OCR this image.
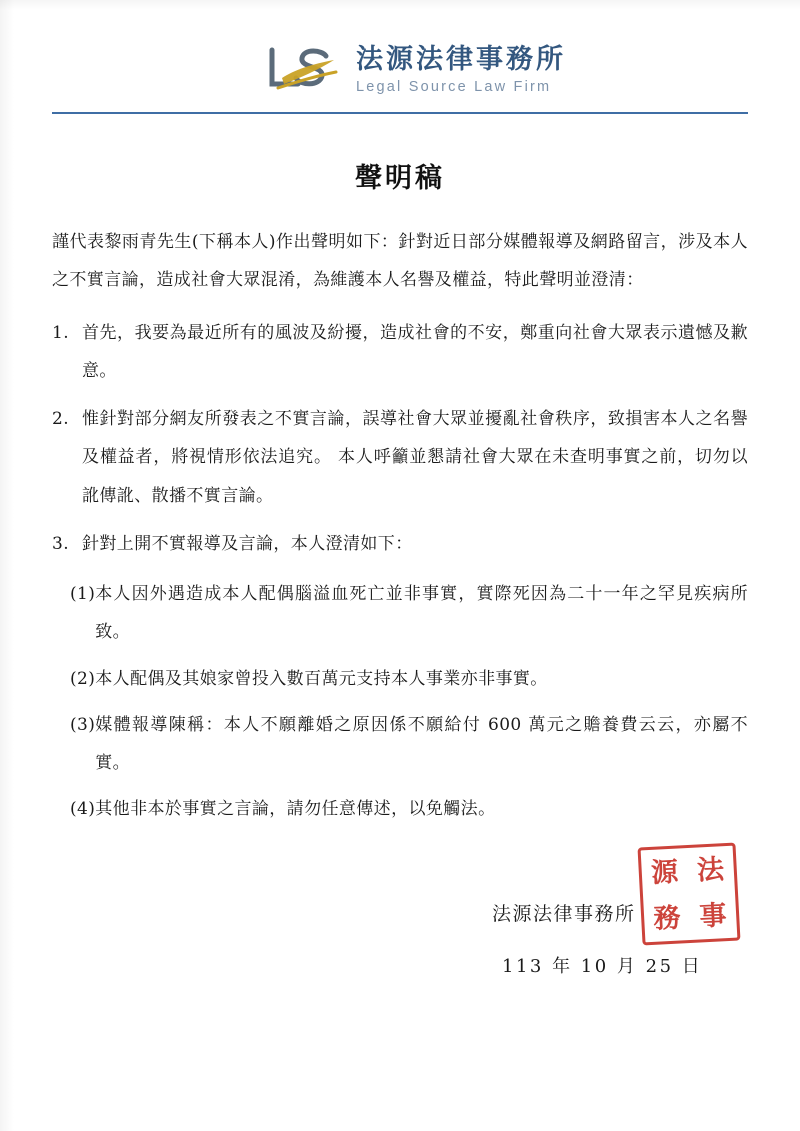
法源法律事務所
Legal Source Law Firm
聲明稿
謹代表黎雨青先生(下稱本人)作出聲明如下：針對近日部分媒體報導及網路留言，涉及本人之不實言論，造成社會大眾混淆，為維護本人名譽及權益，特此聲明並澄清：
1. 首先，我要為最近所有的風波及紛擾，造成社會的不安，鄭重向社會大眾表示遺憾及歉意。
2. 惟針對部分網友所發表之不實言論，誤導社會大眾並擾亂社會秩序，致損害本人之名譽及權益者，將視情形依法追究。 本人呼籲並懇請社會大眾在未查明事實之前，切勿以訛傳訛、散播不實言論。
3. 針對上開不實報導及言論，本人澄清如下：
(1) 本人因外遇造成本人配偶腦溢血死亡並非事實，實際死因為二十一年之罕見疾病所致。
(2) 本人配偶及其娘家曾投入數百萬元支持本人事業亦非事實。
(3) 媒體報導陳稱：本人不願離婚之原因係不願給付 600 萬元之贍養費云云，亦屬不實。
(4) 其他非本於事實之言論，請勿任意傳述，以免觸法。
法源法律事務所
113 年 10 月 25 日
源 法
務 事
